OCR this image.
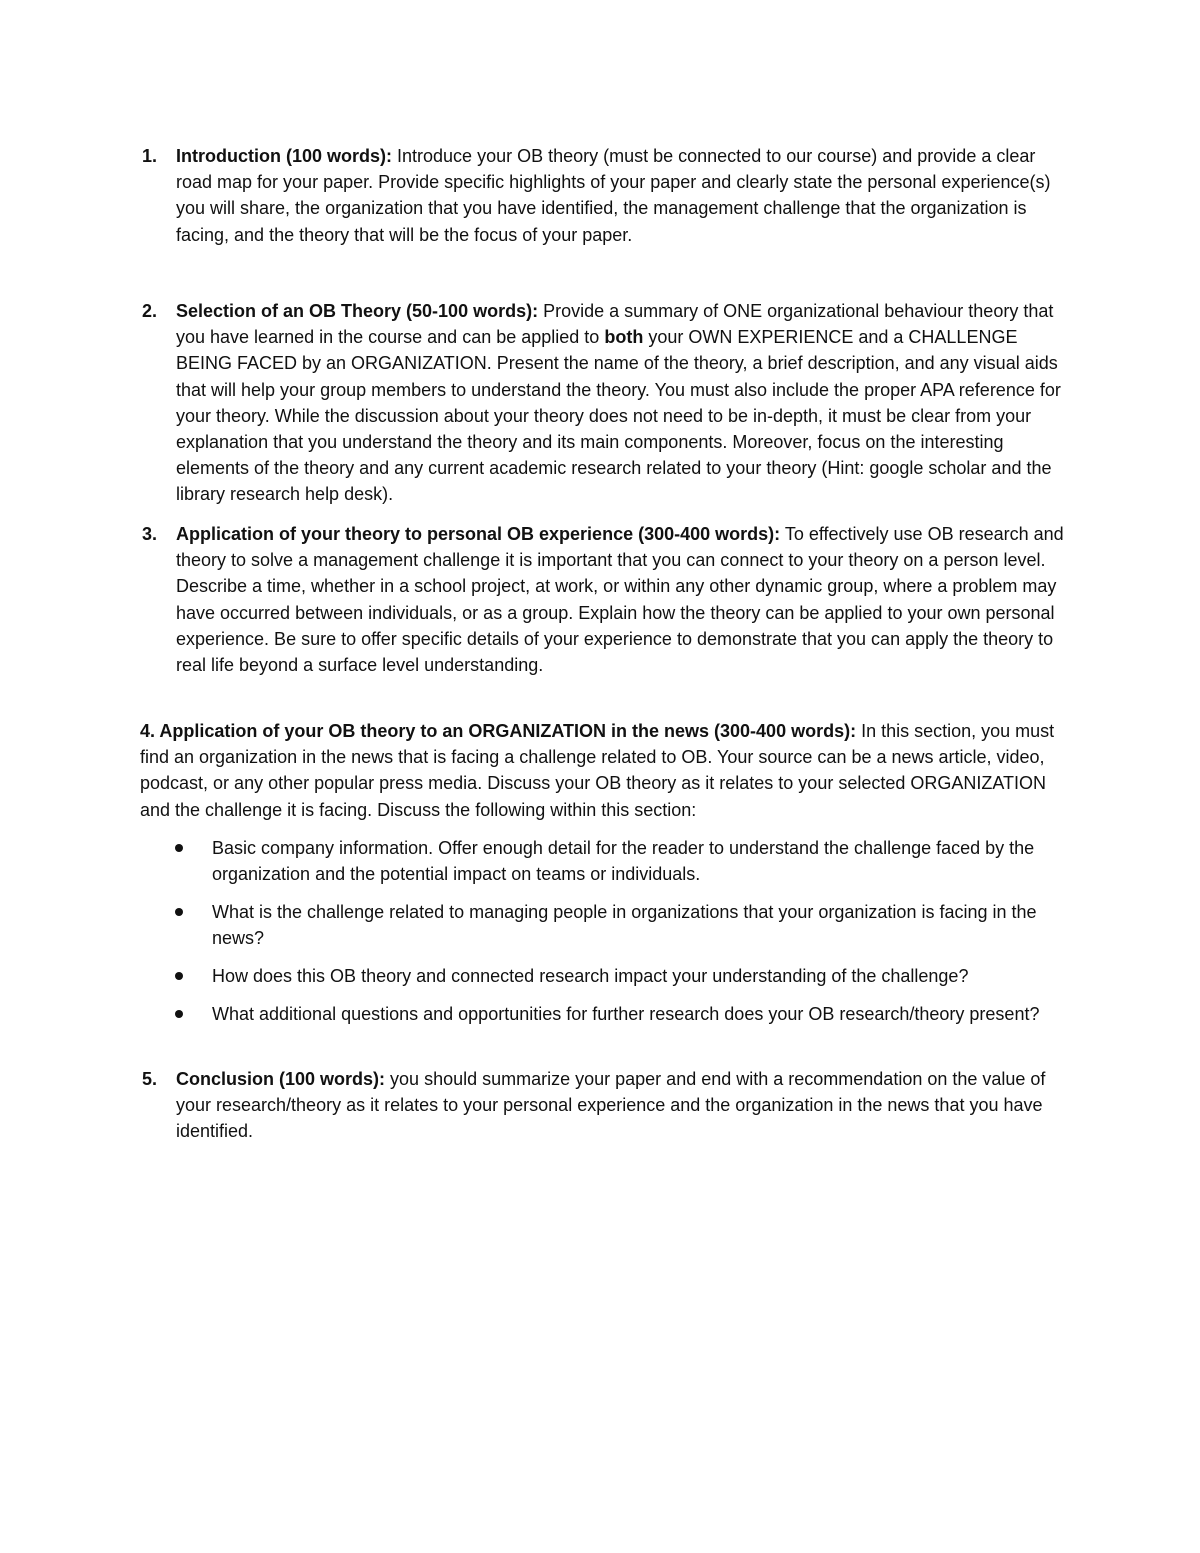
1. Introduction (100 words): Introduce your OB theory (must be connected to our course) and provide a clear road map for your paper. Provide specific highlights of your paper and clearly state the personal experience(s) you will share, the organization that you have identified, the management challenge that the organization is facing, and the theory that will be the focus of your paper.
2. Selection of an OB Theory (50-100 words): Provide a summary of ONE organizational behaviour theory that you have learned in the course and can be applied to both your OWN EXPERIENCE and a CHALLENGE BEING FACED by an ORGANIZATION. Present the name of the theory, a brief description, and any visual aids that will help your group members to understand the theory. You must also include the proper APA reference for your theory. While the discussion about your theory does not need to be in-depth, it must be clear from your explanation that you understand the theory and its main components. Moreover, focus on the interesting elements of the theory and any current academic research related to your theory (Hint: google scholar and the library research help desk).
3. Application of your theory to personal OB experience (300-400 words): To effectively use OB research and theory to solve a management challenge it is important that you can connect to your theory on a person level. Describe a time, whether in a school project, at work, or within any other dynamic group, where a problem may have occurred between individuals, or as a group. Explain how the theory can be applied to your own personal experience. Be sure to offer specific details of your experience to demonstrate that you can apply the theory to real life beyond a surface level understanding.
4. Application of your OB theory to an ORGANIZATION in the news (300-400 words): In this section, you must find an organization in the news that is facing a challenge related to OB. Your source can be a news article, video, podcast, or any other popular press media. Discuss your OB theory as it relates to your selected ORGANIZATION and the challenge it is facing. Discuss the following within this section:
Basic company information. Offer enough detail for the reader to understand the challenge faced by the organization and the potential impact on teams or individuals.
What is the challenge related to managing people in organizations that your organization is facing in the news?
How does this OB theory and connected research impact your understanding of the challenge?
What additional questions and opportunities for further research does your OB research/theory present?
5. Conclusion (100 words): you should summarize your paper and end with a recommendation on the value of your research/theory as it relates to your personal experience and the organization in the news that you have identified.
